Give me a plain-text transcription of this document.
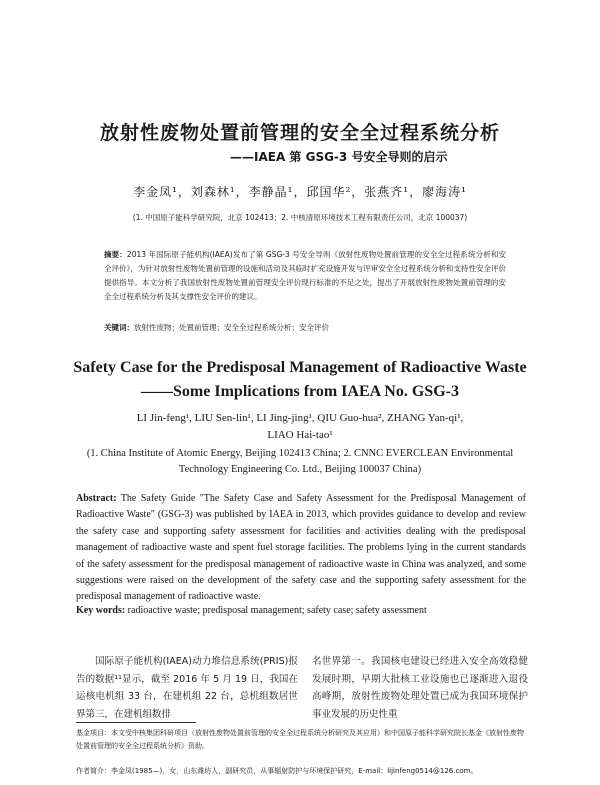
放射性废物处置前管理的安全全过程系统分析
——IAEA 第 GSG-3 号安全导则的启示
李金凤¹，刘森林¹，李静晶¹，邱国华²，张燕齐¹，廖海涛¹
(1. 中国原子能科学研究院，北京 102413；2. 中核清原环境技术工程有限责任公司，北京 100037)
摘要：2013 年国际原子能机构(IAEA)发布了第 GSG-3 号安全导则《放射性废物处置前管理的安全全过程系统分析和安全评价》，为针对放射性废物处置前管理的设施和活动及其临时扩充设施开发与评审安全全过程系统分析和支持性安全评价提供指导。本文分析了我国放射性废物处置前管理安全评价现行标准的不足之处，提出了开展放射性废物处置前管理的安全全过程系统分析及其支撑性安全评价的建议。
关键词：放射性废物；处置前管理；安全全过程系统分析；安全评价
Safety Case for the Predisposal Management of Radioactive Waste
——Some Implications from IAEA No. GSG-3
LI Jin-feng¹, LIU Sen-lin¹, LI Jing-jing¹, QIU Guo-hua², ZHANG Yan-qi¹,
LIAO Hai-tao¹
(1. China Institute of Atomic Energy, Beijing 102413 China; 2. CNNC EVERCLEAN Environmental
Technology Engineering Co. Ltd., Beijing 100037 China)
Abstract: The Safety Guide "The Safety Case and Safety Assessment for the Predisposal Management of Radioactive Waste" (GSG-3) was published by IAEA in 2013, which provides guidance to develop and review the safety case and supporting safety assessment for facilities and activities dealing with the predisposal management of radioactive waste and spent fuel storage facilities. The problems lying in the current standards of the safety assessment for the predisposal management of radioactive waste in China was analyzed, and some suggestions were raised on the development of the safety case and the supporting safety assessment for the predisposal management of radioactive waste.
Key words: radioactive waste; predisposal management; safety case; safety assessment
国际原子能机构(IAEA)动力堆信息系统(PRIS)报告的数据¹¹显示，截至 2016 年 5 月 19 日，我国在运核电机组 33 台，在建机组 22 台，总机组数居世界第三，在建机组数排
名世界第一。我国核电建设已经进入安全高效稳健发展时期，早期大批核工业设施也已逐渐进入退役高峰期，放射性废物处理处置已成为我国环境保护事业发展的历史性重
基金项目：本文受中核集团科研项目（放射性废物处置前管理的安全全过程系统分析研究及其应用）和中国原子能科学研究院长基金《放射性废物处置前管理的安全全过程系统分析》资助。
作者简介：李金凤(1985—)，女，山东潍坊人，副研究员，从事辐射防护与环境保护研究，E-mail：lijinfeng0514@126.com。
